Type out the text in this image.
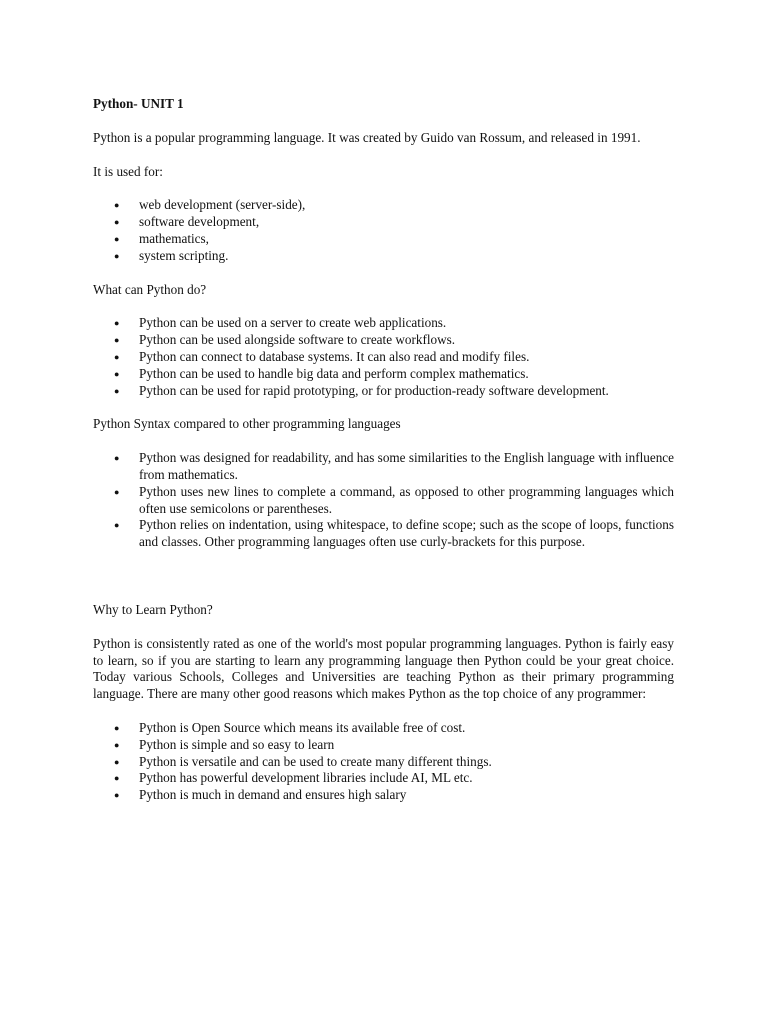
Python- UNIT 1

Python is a popular programming language. It was created by Guido van Rossum, and released in 1991.

It is used for:

● web development (server-side),
● software development,
● mathematics,
● system scripting.

What can Python do?

● Python can be used on a server to create web applications.
● Python can be used alongside software to create workflows.
● Python can connect to database systems. It can also read and modify files.
● Python can be used to handle big data and perform complex mathematics.
● Python can be used for rapid prototyping, or for production-ready software development.

Python Syntax compared to other programming languages

● Python was designed for readability, and has some similarities to the English language with influence from mathematics.
● Python uses new lines to complete a command, as opposed to other programming languages which often use semicolons or parentheses.
● Python relies on indentation, using whitespace, to define scope; such as the scope of loops, functions and classes. Other programming languages often use curly-brackets for this purpose.

Why to Learn Python?

Python is consistently rated as one of the world's most popular programming languages. Python is fairly easy to learn, so if you are starting to learn any programming language then Python could be your great choice. Today various Schools, Colleges and Universities are teaching Python as their primary programming language. There are many other good reasons which makes Python as the top choice of any programmer:

● Python is Open Source which means its available free of cost.
● Python is simple and so easy to learn
● Python is versatile and can be used to create many different things.
● Python has powerful development libraries include AI, ML etc.
● Python is much in demand and ensures high salary
